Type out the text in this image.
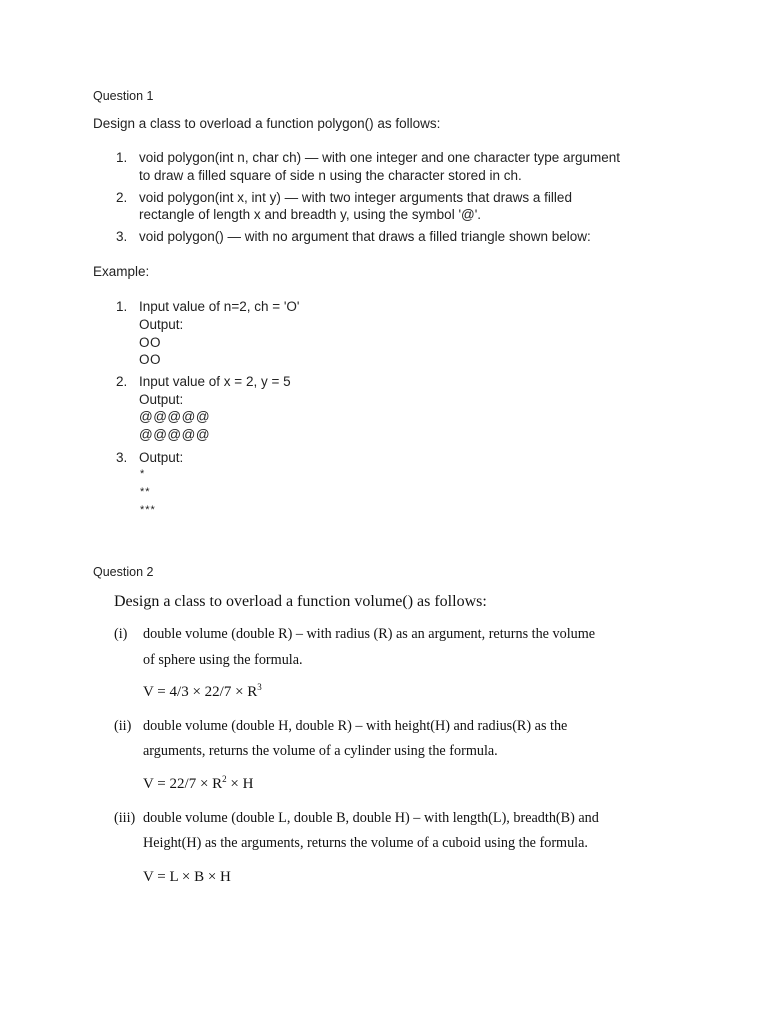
Question 1
Design a class to overload a function polygon() as follows:
1. void polygon(int n, char ch) — with one integer and one character type argument
to draw a filled square of side n using the character stored in ch.
2. void polygon(int x, int y) — with two integer arguments that draws a filled
rectangle of length x and breadth y, using the symbol '@'.
3. void polygon() — with no argument that draws a filled triangle shown below:
Example:
1. Input value of n=2, ch = 'O'
Output:
OO
OO
2. Input value of x = 2, y = 5
Output:
@@@@@
@@@@@
3. Output:
*
**
***
Question 2
Design a class to overload a function volume() as follows:
(i) double volume (double R) – with radius (R) as an argument, returns the volume
of sphere using the formula.
$V = 4/3 \times 22/7 \times R^3$
(ii) double volume (double H, double R) – with height(H) and radius(R) as the
arguments, returns the volume of a cylinder using the formula.
$V = 22/7 \times R^2 \times H$
(iii) double volume (double L, double B, double H) – with length(L), breadth(B) and
Height(H) as the arguments, returns the volume of a cuboid using the formula.
V = L × B × H
